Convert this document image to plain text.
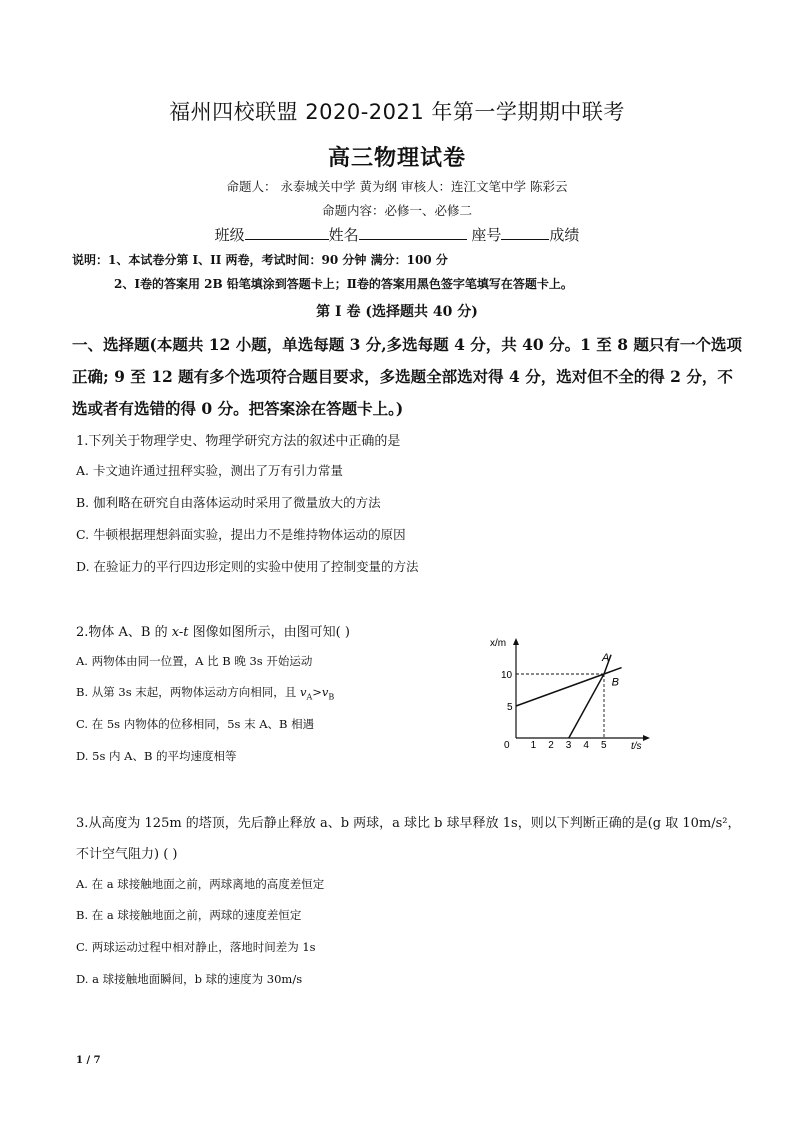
福州四校联盟 2020-2021 年第一学期期中联考
高三物理试卷
命题人： 永泰城关中学 黄为纲 审核人：连江文笔中学 陈彩云
命题内容：必修一、必修二
班级	姓名	座号	成绩
说明：1、本试卷分第 I、II 两卷，考试时间：90 分钟 满分：100 分
2、Ⅰ卷的答案用 2B 铅笔填涂到答题卡上；Ⅱ卷的答案用黑色签字笔填写在答题卡上。
第 I 卷 (选择题共 40 分)
一、选择题(本题共 12 小题，单选每题 3 分,多选每题 4 分，共 40 分。1 至 8 题只有一个选项
正确; 9 至 12 题有多个选项符合题目要求，多选题全部选对得 4 分，选对但不全的得 2 分，不
选或者有选错的得 0 分。把答案涂在答题卡上。)
1.下列关于物理学史、物理学研究方法的叙述中正确的是
A. 卡文迪许通过扭秤实验，测出了万有引力常量
B. 伽利略在研究自由落体运动时采用了微量放大的方法
C. 牛顿根据理想斜面实验，提出力不是维持物体运动的原因
D. 在验证力的平行四边形定则的实验中使用了控制变量的方法
2.物体 A、B 的 x-t 图像如图所示，由图可知( )
A. 两物体由同一位置，A 比 B 晚 3s 开始运动
B. 从第 3s 末起，两物体运动方向相同，且 $v_A>v_B$
C. 在 5s 内物体的位移相同，5s 末 A、B 相遇
D. 5s 内 A、B 的平均速度相等
A
B
0 1 2 3 4 5
5
10
t/s
x/m
3.从高度为 125m 的塔顶，先后静止释放 a、b 两球，a 球比 b 球早释放 1s，则以下判断正确的是(g 取 10m/s²，
不计空气阻力) ( )
A. 在 a 球接触地面之前，两球离地的高度差恒定
B. 在 a 球接触地面之前，两球的速度差恒定
C. 两球运动过程中相对静止，落地时间差为 1s
D. a 球接触地面瞬间，b 球的速度为 30m/s
1 / 7
